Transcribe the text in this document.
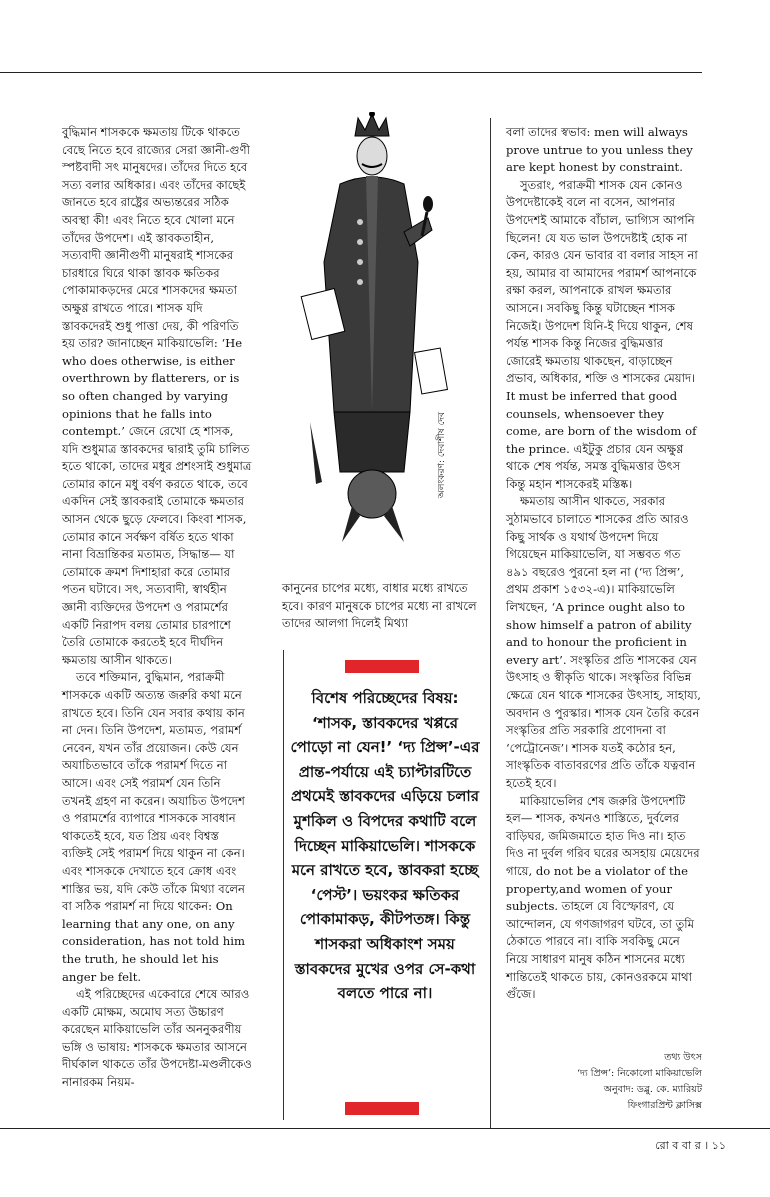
বুদ্ধিমান শাসককে ক্ষমতায় টিকে থাকতে বেছে নিতে হবে রাজ্যের সেরা জ্ঞানী-গুণী স্পষ্টবাদী সৎ মানুষদের। তাঁদের দিতে হবে সত্য বলার অধিকার। এবং তাঁদের কাছেই জানতে হবে রাষ্ট্রের অভ্যন্তরের সঠিক অবস্থা কী! এবং নিতে হবে খোলা মনে তাঁদের উপদেশ। এই স্তাবকতাহীন, সত্যবাদী জ্ঞানীগুণী মানুষরাই শাসকের চারধারে ঘিরে থাকা স্তাবক ক্ষতিকর পোকামাকড়দের মেরে শাসকদের ক্ষমতা অক্ষুণ্ণ রাখতে পারে। শাসক যদি স্তাবকদেরই শুধু পাত্তা দেয়, কী পরিণতি হয় তার? জানাচ্ছেন মাকিয়াভেলি: ‘He who does otherwise, is either overthrown by flatterers, or is so often changed by varying opinions that he falls into contempt.’ জেনে রেখো হে শাসক, যদি শুধুমাত্র স্তাবকদের দ্বারাই তুমি চালিত হতে থাকো, তাদের মধুর প্রশংসাই শুধুমাত্র তোমার কানে মধু বর্ষণ করতে থাকে, তবে একদিন সেই স্তাবকরাই তোমাকে ক্ষমতার আসন থেকে ছুড়ে ফেলবে। কিংবা শাসক, তোমার কানে সর্বক্ষণ বর্ষিত হতে থাকা নানা বিভ্রান্তিকর মতামত, সিদ্ধান্ত— যা তোমাকে ক্রমশ দিশাহারা করে তোমার পতন ঘটাবে। সৎ, সত্যবাদী, স্বার্থহীন জ্ঞানী ব্যক্তিদের উপদেশ ও পরামর্শের একটি নিরাপদ বলয় তোমার চারপাশে তৈরি তোমাকে করতেই হবে দীর্ঘদিন ক্ষমতায় আসীন থাকতে।

তবে শক্তিমান, বুদ্ধিমান, পরাক্রমী শাসককে একটি অত্যন্ত জরুরি কথা মনে রাখতে হবে। তিনি যেন সবার কথায় কান না দেন। তিনি উপদেশ, মতামত, পরামর্শ নেবেন, যখন তাঁর প্রয়োজন। কেউ যেন অযাচিতভাবে তাঁকে পরামর্শ দিতে না আসে। এবং সেই পরামর্শ যেন তিনি তখনই গ্রহণ না করেন। অযাচিত উপদেশ ও পরামর্শের ব্যাপারে শাসককে সাবধান থাকতেই হবে, যত প্রিয় এবং বিশ্বস্ত ব্যক্তিই সেই পরামর্শ দিয়ে থাকুন না কেন। এবং শাসককে দেখাতে হবে ক্রোধ এবং শাস্তির ভয়, যদি কেউ তাঁকে মিথ্যা বলেন বা সঠিক পরামর্শ না দিয়ে থাকেন: On learning that any one, on any consideration, has not told him the truth, he should let his anger be felt.

এই পরিচ্ছেদের একেবারে শেষে আরও একটি মোক্ষম, অমোঘ সত্য উচ্চারণ করেছেন মাকিয়াভেলি তাঁর অননুকরণীয় ভঙ্গি ও ভাষায়: শাসককে ক্ষমতার আসনে দীর্ঘকাল থাকতে তাঁর উপদেষ্টা-মণ্ডলীকেও নানারকম নিয়ম-

অলংকরণ: দেবাশীষ দেব

কানুনের চাপের মধ্যে, বাধার মধ্যে রাখতে হবে। কারণ মানুষকে চাপের মধ্যে না রাখলে তাদের আলগা দিলেই মিথ্যা

বিশেষ পরিচ্ছেদের বিষয়: ‘শাসক, স্তাবকদের খপ্পরে পোড়ো না যেন!’ ‘দ্য প্রিন্স’-এর প্রান্ত-পর্যায়ে এই চ্যাপ্টারটিতে প্রথমেই স্তাবকদের এড়িয়ে চলার মুশকিল ও বিপদের কথাটি বলে দিচ্ছেন মাকিয়াভেলি। শাসককে মনে রাখতে হবে, স্তাবকরা হচ্ছে ‘পেস্ট’। ভয়ংকর ক্ষতিকর পোকামাকড়, কীটপতঙ্গ। কিন্তু শাসকরা অধিকাংশ সময় স্তাবকদের মুখের ওপর সে-কথা বলতে পারে না।

বলা তাদের স্বভাব: men will always prove untrue to you unless they are kept honest by constraint.

সুতরাং, পরাক্রমী শাসক যেন কোনও উপদেষ্টাকেই বলে না বসেন, আপনার উপদেশই আমাকে বাঁচাল, ভাগ্যিস আপনি ছিলেন! যে যত ভাল উপদেষ্টাই হোক না কেন, কারও যেন ভাবার বা বলার সাহস না হয়, আমার বা আমাদের পরামর্শ আপনাকে রক্ষা করল, আপনাকে রাখল ক্ষমতার আসনে। সবকিছু কিন্তু ঘটাচ্ছেন শাসক নিজেই। উপদেশ যিনি-ই দিয়ে থাকুন, শেষ পর্যন্ত শাসক কিন্তু নিজের বুদ্ধিমত্তার জোরেই ক্ষমতায় থাকছেন, বাড়াচ্ছেন প্রভাব, অধিকার, শক্তি ও শাসকের মেয়াদ। It must be inferred that good counsels, whensoever they come, are born of the wisdom of the prince. এইটুকু প্রচার যেন অক্ষুণ্ণ থাকে শেষ পর্যন্ত, সমস্ত বুদ্ধিমত্তার উৎস কিন্তু মহান শাসকেরই মস্তিষ্ক।

ক্ষমতায় আসীন থাকতে, সরকার সুঠামভাবে চালাতে শাসকের প্রতি আরও কিছু সার্থক ও যথার্থ উপদেশ দিয়ে গিয়েছেন মাকিয়াভেলি, যা সম্ভবত গত ৪৯১ বছরেও পুরনো হল না (‘দ্য প্রিন্স’, প্রথম প্রকাশ ১৫৩২-এ)। মাকিয়াভেলি লিখছেন, ‘A prince ought also to show himself a patron of ability and to honour the proficient in every art’. সংস্কৃতির প্রতি শাসকের যেন উৎসাহ ও স্বীকৃতি থাকে। সংস্কৃতির বিভিন্ন ক্ষেত্রে যেন থাকে শাসকের উৎসাহ, সাহায্য, অবদান ও পুরস্কার। শাসক যেন তৈরি করেন সংস্কৃতির প্রতি সরকারি প্রণোদনা বা ‘পেট্রোনেজ’। শাসক যতই কঠোর হন, সাংস্কৃতিক বাতাবরণের প্রতি তাঁকে যত্নবান হতেই হবে।

মাকিয়াভেলির শেষ জরুরি উপদেশটি হল— শাসক, কখনও শাস্তিতে, দুর্বলের বাড়িঘর, জমিজমাতে হাত দিও না। হাত দিও না দুর্বল গরিব ঘরের অসহায় মেয়েদের গায়ে, do not be a violator of the property,and women of your subjects. তাহলে যে বিস্ফোরণ, যে আন্দোলন, যে গণজাগরণ ঘটবে, তা তুমি ঠেকাতে পারবে না। বাকি সবকিছু মেনে নিয়ে সাধারণ মানুষ কঠিন শাসনের মধ্যে শান্তিতেই থাকতে চায়, কোনওরকমে মাথা গুঁজে।

তথ্য উৎস
‘দ্য প্রিন্স’: নিকোলো মাকিয়াভেলি
অনুবাদ: ডব্লু. কে. ম্যারিয়ট
ফিংগারপ্রিন্ট ক্লাসিক্স
রো ব বা র । ১১
